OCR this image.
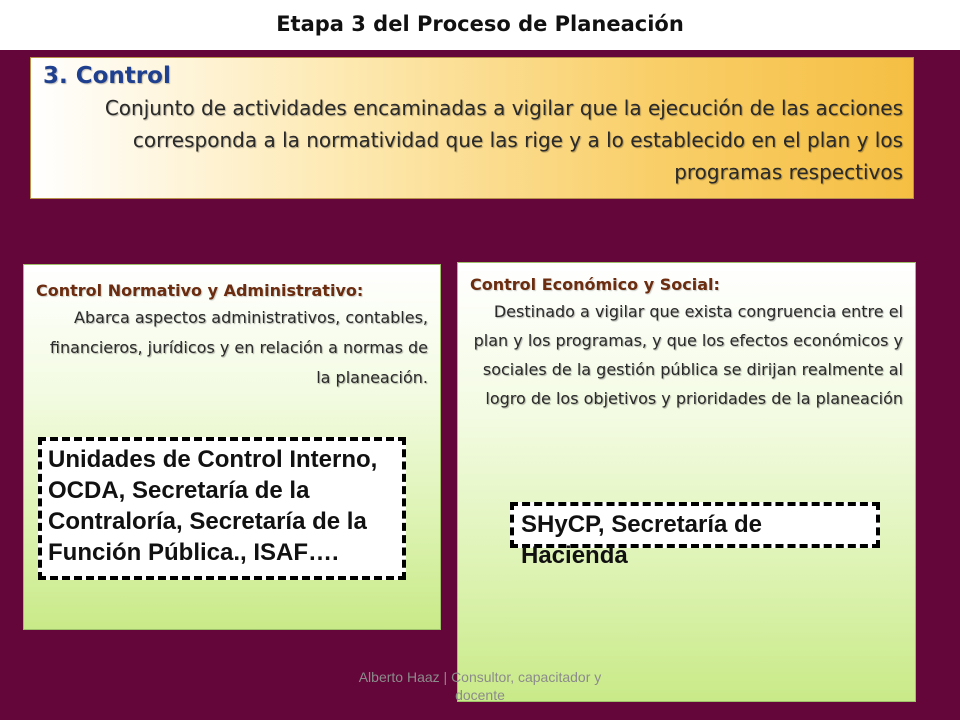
Etapa 3 del Proceso de Planeación
3. Control
Conjunto de actividades encaminadas a vigilar que la ejecución de las acciones corresponda a la normatividad que las rige y a lo establecido en el plan y los programas respectivos
Control Normativo y Administrativo:
Abarca aspectos administrativos, contables, financieros, jurídicos y en relación a normas de la planeación.
Control Económico y Social:
Destinado a vigilar que exista congruencia entre el plan y los programas, y que los efectos económicos y sociales de la gestión pública se dirijan realmente al logro de los objetivos y prioridades de la planeación

Unidades de Control Interno, OCDA, Secretaría de la Contraloría, Secretaría de la Función Pública., ISAF….

SHyCP, Secretaría de Hacienda

Alberto Haaz | Consultor, capacitador y docente
